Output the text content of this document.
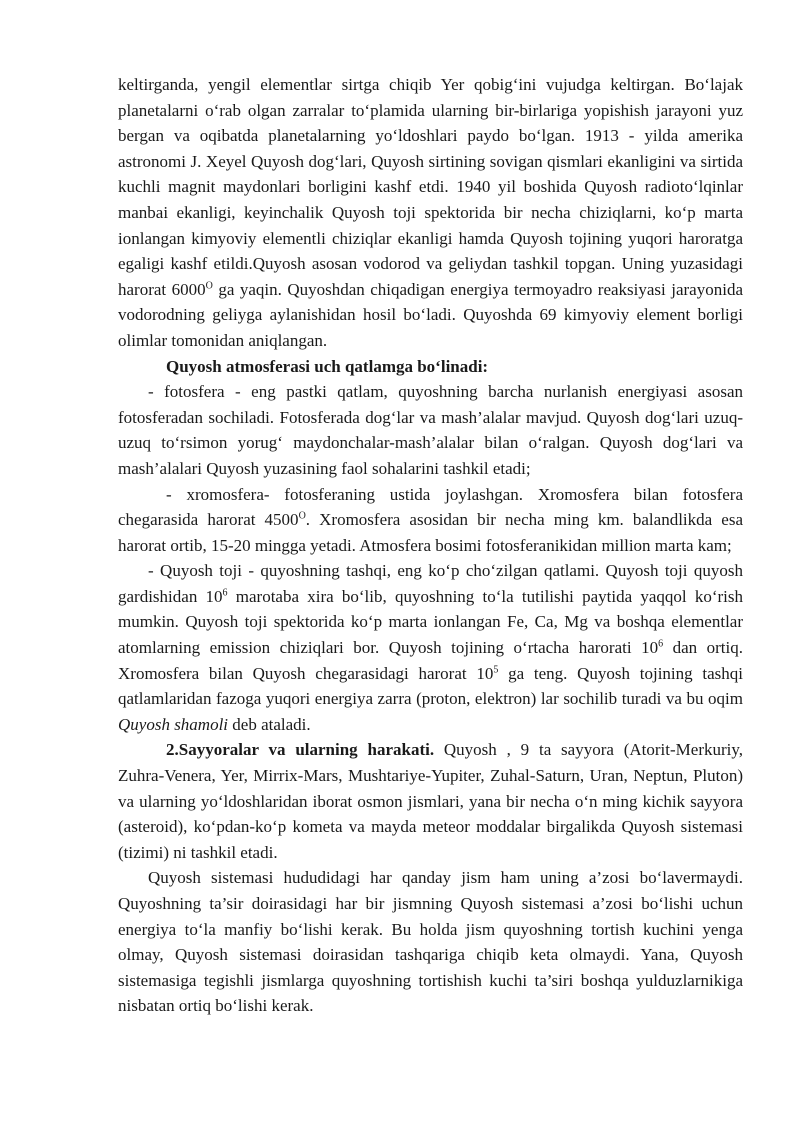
keltirganda, yengil elementlar sirtga chiqib Yer qobig‘ini vujudga keltirgan. Bo‘lajak planetalarni o‘rab olgan zarralar to‘plamida ularning bir-birlariga yopishish jarayoni yuz bergan va oqibatda planetalarning yo‘ldoshlari paydo bo‘lgan. 1913 - yilda amerika astronomi J. Xeyel Quyosh dog‘lari, Quyosh sirtining sovigan qismlari ekanligini va sirtida kuchli magnit maydonlari borligini kashf etdi. 1940 yil boshida Quyosh radioto‘lqinlar manbai ekanligi, keyinchalik Quyosh toji spektorida bir necha chiziqlarni, ko‘p marta ionlangan kimyoviy elementli chiziqlar ekanligi hamda Quyosh tojining yuqori haroratga egaligi kashf etildi.Quyosh asosan vodorod va geliydan tashkil topgan. Uning yuzasidagi harorat $6000^O$ ga yaqin. Quyoshdan chiqadigan energiya termoyadro reaksiyasi jarayonida vodorodning geliyga aylanishidan hosil bo‘ladi. Quyoshda 69 kimyoviy element borligi olimlar tomonidan aniqlangan.

Quyosh atmosferasi uch qatlamga bo‘linadi:

- fotosfera - eng pastki qatlam, quyoshning barcha nurlanish energiyasi asosan fotosferadan sochiladi. Fotosferada dog‘lar va mash’alalar mavjud. Quyosh dog‘lari uzuq-uzuq to‘rsimon yorug‘ maydonchalar-mash’alalar bilan o‘ralgan. Quyosh dog‘lari va mash’alalari Quyosh yuzasining faol sohalarini tashkil etadi;

- xromosfera- fotosferaning ustida joylashgan. Xromosfera bilan fotosfera chegarasida harorat $4500^O$. Xromosfera asosidan bir necha ming km. balandlikda esa harorat ortib, 15-20 mingga yetadi. Atmosfera bosimi fotosferanikidan million marta kam;

- Quyosh toji - quyoshning tashqi, eng ko‘p cho‘zilgan qatlami. Quyosh toji quyosh gardishidan $10^6$ marotaba xira bo‘lib, quyoshning to‘la tutilishi paytida yaqqol ko‘rish mumkin. Quyosh toji spektorida ko‘p marta ionlangan Fe, Ca, Mg va boshqa elementlar atomlarning emission chiziqlari bor. Quyosh tojining o‘rtacha harorati $10^6$ dan ortiq. Xromosfera bilan Quyosh chegarasidagi harorat $10^5$ ga teng. Quyosh tojining tashqi qatlamlaridan fazoga yuqori energiya zarra (proton, elektron) lar sochilib turadi va bu oqim Quyosh shamoli deb ataladi.

2.Sayyoralar va ularning harakati. Quyosh , 9 ta sayyora (Atorit-Merkuriy, Zuhra-Venera, Yer, Mirrix-Mars, Mushtariye-Yupiter, Zuhal-Saturn, Uran, Neptun, Pluton) va ularning yo‘ldoshlaridan iborat osmon jismlari, yana bir necha o‘n ming kichik sayyora (asteroid), ko‘pdan-ko‘p kometa va mayda meteor moddalar birgalikda Quyosh sistemasi (tizimi) ni tashkil etadi.

Quyosh sistemasi hududidagi har qanday jism ham uning a’zosi bo‘lavermaydi. Quyoshning ta’sir doirasidagi har bir jismning Quyosh sistemasi a’zosi bo‘lishi uchun energiya to‘la manfiy bo‘lishi kerak. Bu holda jism quyoshning tortish kuchini yenga olmay, Quyosh sistemasi doirasidan tashqariga chiqib keta olmaydi. Yana, Quyosh sistemasiga tegishli jismlarga quyoshning tortishish kuchi ta’siri boshqa yulduzlarnikiga nisbatan ortiq bo‘lishi kerak.
